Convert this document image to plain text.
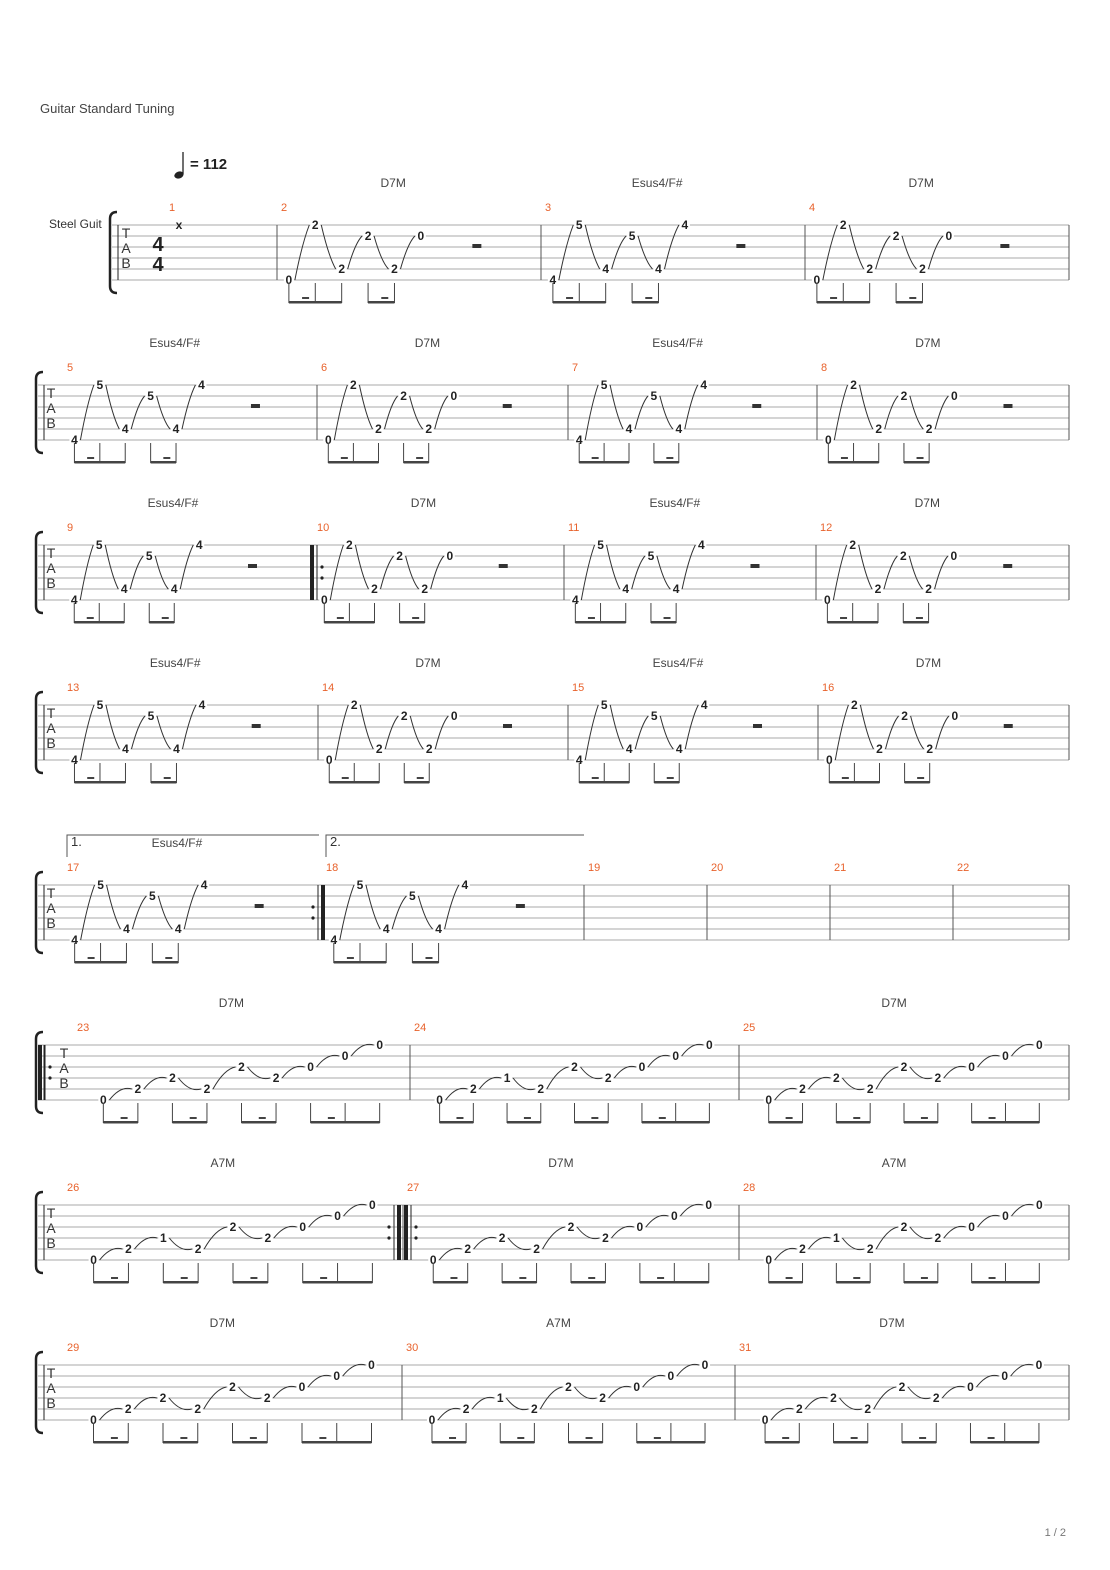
Guitar Standard Tuning
= 112
Steel Guit
1 / 2
T
A
B
4
4
1
x
2
D7M
0
2
2
2
2
0
3
Esus4/F#
4
5
4
5
4
4
4
D7M
0
2
2
2
2
0
T
A
B
5
Esus4/F#
4
5
4
5
4
4
6
D7M
0
2
2
2
2
0
7
Esus4/F#
4
5
4
5
4
4
8
D7M
0
2
2
2
2
0
T
A
B
9
Esus4/F#
4
5
4
5
4
4
10
D7M
0
2
2
2
2
0
11
Esus4/F#
4
5
4
5
4
4
12
D7M
0
2
2
2
2
0
T
A
B
13
Esus4/F#
4
5
4
5
4
4
14
D7M
0
2
2
2
2
0
15
Esus4/F#
4
5
4
5
4
4
16
D7M
0
2
2
2
2
0
T
A
B
17
Esus4/F#
1.
4
5
4
5
4
4
18
2.
4
5
4
5
4
4
19	20	21	22
T
A
B
23
D7M
0
2
2
2
2
2
0
0
0
24
0
2
1
2
2
2
0
0
0
25
D7M
0
2
2
2
2
2
0
0
0
T
A
B
26
A7M
0
2
1
2
2
2
0
0
0
27
D7M
0
2
2
2
2
2
0
0
0
28
A7M
0
2
1
2
2
2
0
0
0
T
A
B
29
D7M
0
2
2
2
2
2
0
0
0
30
A7M
0
2
1
2
2
2
0
0
0
31
D7M
0
2
2
2
2
2
0
0
0
